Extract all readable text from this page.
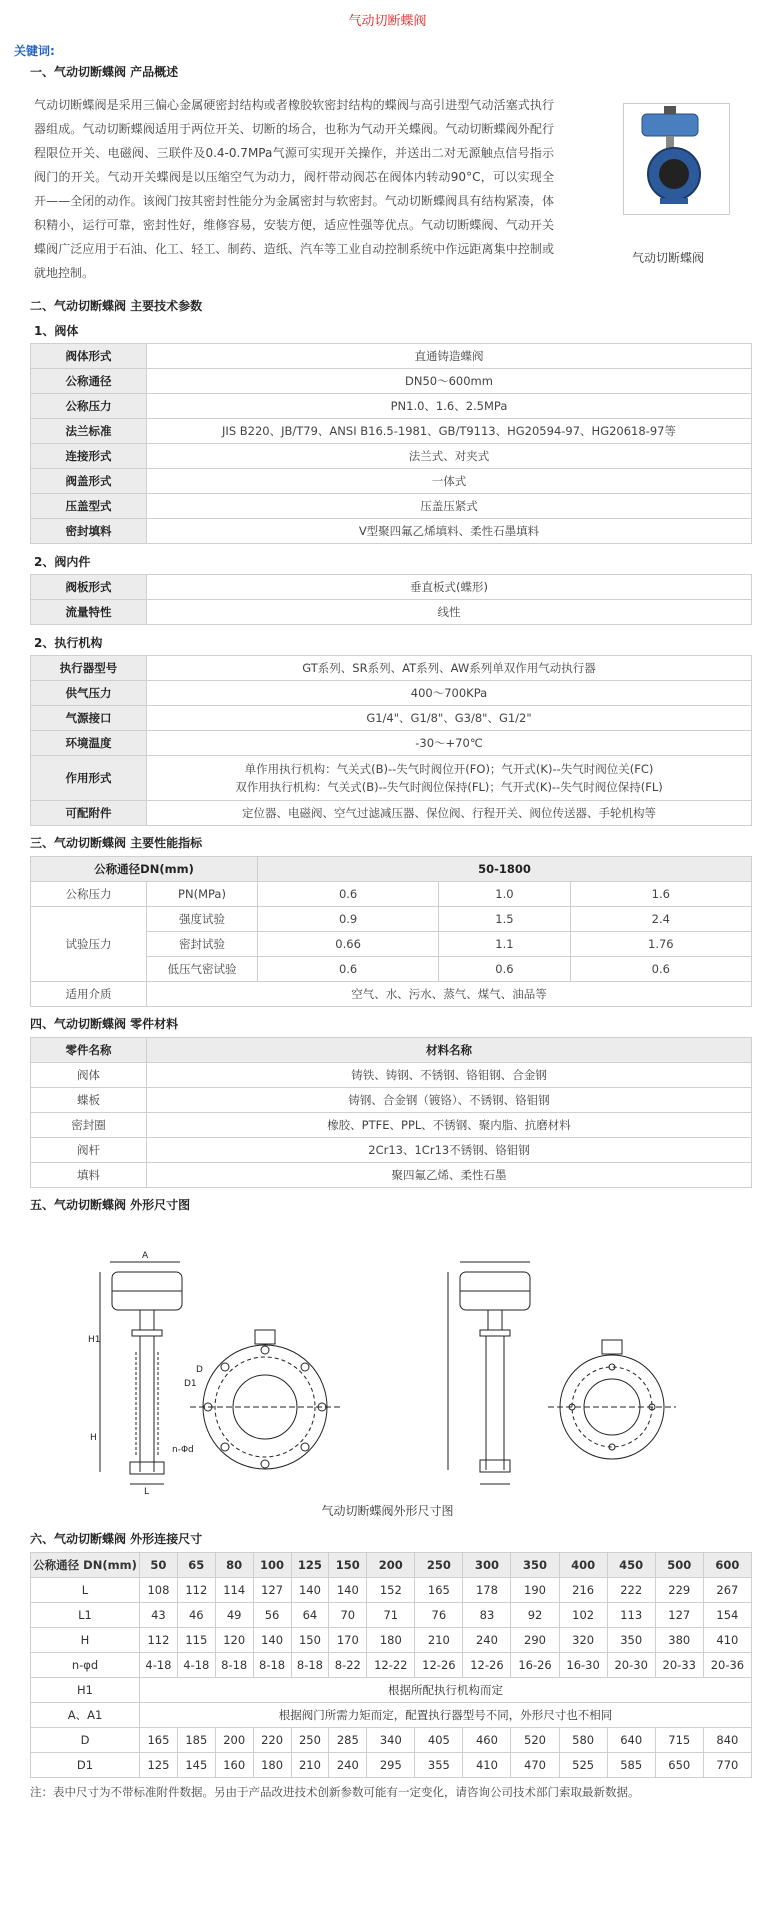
气动切断蝶阀
关键词:
一、气动切断蝶阀 产品概述
气动切断蝶阀是采用三偏心金属硬密封结构或者橡胶软密封结构的蝶阀与高引进型气动活塞式执行器组成。气动切断蝶阀适用于两位开关、切断的场合，也称为气动开关蝶阀。气动切断蝶阀外配行程限位开关、电磁阀、三联件及0.4-0.7MPa气源可实现开关操作，并送出二对无源触点信号指示阀门的开关。气动开关蝶阀是以压缩空气为动力，阀杆带动阀芯在阀体内转动90°C，可以实现全开——全闭的动作。该阀门按其密封性能分为金属密封与软密封。气动切断蝶阀具有结构紧凑，体积精小，运行可靠，密封性好，维修容易，安装方便，适应性强等优点。气动切断蝶阀、气动开关蝶阀广泛应用于石油、化工、轻工、制药、造纸、汽车等工业自动控制系统中作远距离集中控制或就地控制。
气动切断蝶阀
二、气动切断蝶阀 主要技术参数
1、阀体
阀体形式	直通铸造蝶阀
公称通径	DN50～600mm
公称压力	PN1.0、1.6、2.5MPa
法兰标准	JIS B220、JB/T79、ANSI B16.5-1981、GB/T9113、HG20594-97、HG20618-97等
连接形式	法兰式、对夹式
阀盖形式	一体式
压盖型式	压盖压紧式
密封填料	V型聚四氟乙烯填料、柔性石墨填料
2、阀内件
阀板形式	垂直板式(蝶形)
流量特性	线性
2、执行机构
执行器型号	GT系列、SR系列、AT系列、AW系列单双作用气动执行器
供气压力	400～700KPa
气源接口	G1/4"、G1/8"、G3/8"、G1/2"
环境温度	-30～+70℃
作用形式	单作用执行机构：气关式(B)--失气时阀位开(FO)；气开式(K)--失气时阀位关(FC)
双作用执行机构：气关式(B)--失气时阀位保持(FL)；气开式(K)--失气时阀位保持(FL)

可配附件	定位器、电磁阀、空气过滤减压器、保位阀、行程开关、阀位传送器、手轮机构等
三、气动切断蝶阀 主要性能指标
公称通径DN(mm)		50-1800		
公称压力	PN(MPa)	0.6	1.0	1.6
试验压力	强度试验	0.9	1.5	2.4
	密封试验	0.66	1.1	1.76
	低压气密试验	0.6	0.6	0.6
适用介质	空气、水、污水、蒸气、煤气、油品等			
四、气动切断蝶阀 零件材料
零件名称	材料名称
阀体	铸铁、铸钢、不锈钢、铬钼钢、合金钢
蝶板	铸钢、合金钢（镀铬）、不锈钢、铬钼钢
密封圈	橡胶、PTFE、PPL、不锈钢、聚内脂、抗磨材料
阀杆	2Cr13、1Cr13不锈钢、铬钼钢
填料	聚四氟乙烯、柔性石墨
五、气动切断蝶阀 外形尺寸图
A
H1
H
L
D
D1
n-Φd
气动切断蝶阀外形尺寸图
六、气动切断蝶阀 外形连接尺寸
公称通径 DN(mm)	50	65	80	100	125	150	200	250	300	350	400	450	500	600
L	108	112	114	127	140	140	152	165	178	190	216	222	229	267
L1	43	46	49	56	64	70	71	76	83	92	102	113	127	154
H	112	115	120	140	150	170	180	210	240	290	320	350	380	410
n-φd	4-18	4-18	8-18	8-18	8-18	8-22	12-22	12-26	12-26	16-26	16-30	20-30	20-33	20-36
H1	根据所配执行机构而定													
A、A1	根据阀门所需力矩而定，配置执行器型号不同，外形尺寸也不相同													
D	165	185	200	220	250	285	340	405	460	520	580	640	715	840
D1	125	145	160	180	210	240	295	355	410	470	525	585	650	770
注：表中尺寸为不带标准附件数据。另由于产品改进技术创新参数可能有一定变化，请咨询公司技术部门索取最新数据。
